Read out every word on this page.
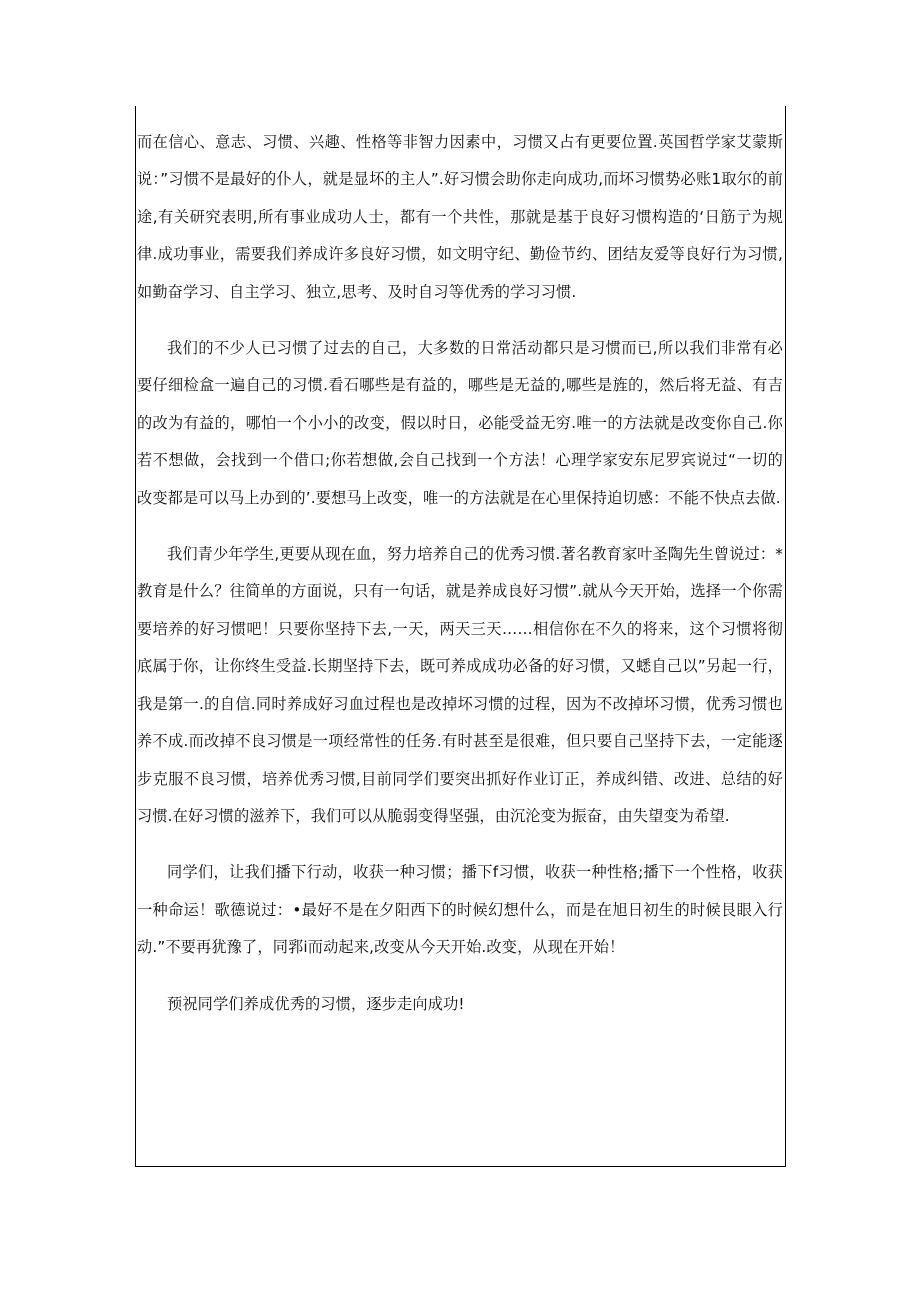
而在信心、意志、习惯、兴趣、性格等非智力因素中，习惯又占有更要位置.英国哲学家艾蒙斯说：”习惯不是最好的仆人，就是显坏的主人”.好习惯会助你走向成功,而坏习惯势必账1取尔的前途,有关研究表明,所有事业成功人士，都有一个共性，那就是基于良好习惯构造的‘日筋亍为规律.成功事业，需要我们养成许多良好习惯，如文明守纪、勤俭节约、团结友爱等良好行为习惯,如勤奋学习、自主学习、独立,思考、及时自习等优秀的学习习惯.

我们的不少人已习惯了过去的自己，大多数的日常活动都只是习惯而已,所以我们非常有必要仔细检盒一遍自己的习惯.看石哪些是有益的，哪些是无益的,哪些是旌的，然后将无益、有吉的改为有益的，哪怕一个小小的改变，假以时日，必能受益无穷.唯一的方法就是改变你自己.你若不想做，会找到一个借口;你若想做,会自己找到一个方法！心理学家安东尼罗宾说过“一切的改变都是可以马上办到的’.要想马上改变，唯一的方法就是在心里保持迫切感：不能不快点去做.

我们青少年学生,更要从现在血，努力培养自己的优秀习惯.著名教育家叶圣陶先生曾说过：*教育是什么？往简单的方面说，只有一句话，就是养成良好习惯”.就从今天开始，选择一个你需要培养的好习惯吧！只要你坚持下去,一天，两天三天……相信你在不久的将来，这个习惯将彻底属于你，让你终生受益.长期坚持下去，既可养成成功必备的好习惯，又蟋自己以”另起一行，我是第一.的自信.同时养成好习血过程也是改掉坏习惯的过程，因为不改掉坏习惯，优秀习惯也养不成.而改掉不良习惯是一项经常性的任务.有时甚至是很难，但只要自己坚持下去，一定能逐步克服不良习惯，培养优秀习惯,目前同学们要突出抓好作业订正，养成纠错、改进、总结的好习惯.在好习惯的滋养下，我们可以从脆弱变得坚强，由沉沦变为振奋，由失望变为希望.

同学们，让我们播下行动，收获一种习惯；播下f习惯，收获一种性格;播下一个性格，收获一种命运！歌德说过：•最好不是在夕阳西下的时候幻想什么，而是在旭日初生的时候艮眼入行动.”不要再犹豫了，同郛i而动起来,改变从今天开始.改变，从现在开始！

预祝同学们养成优秀的习惯，逐步走向成功!
